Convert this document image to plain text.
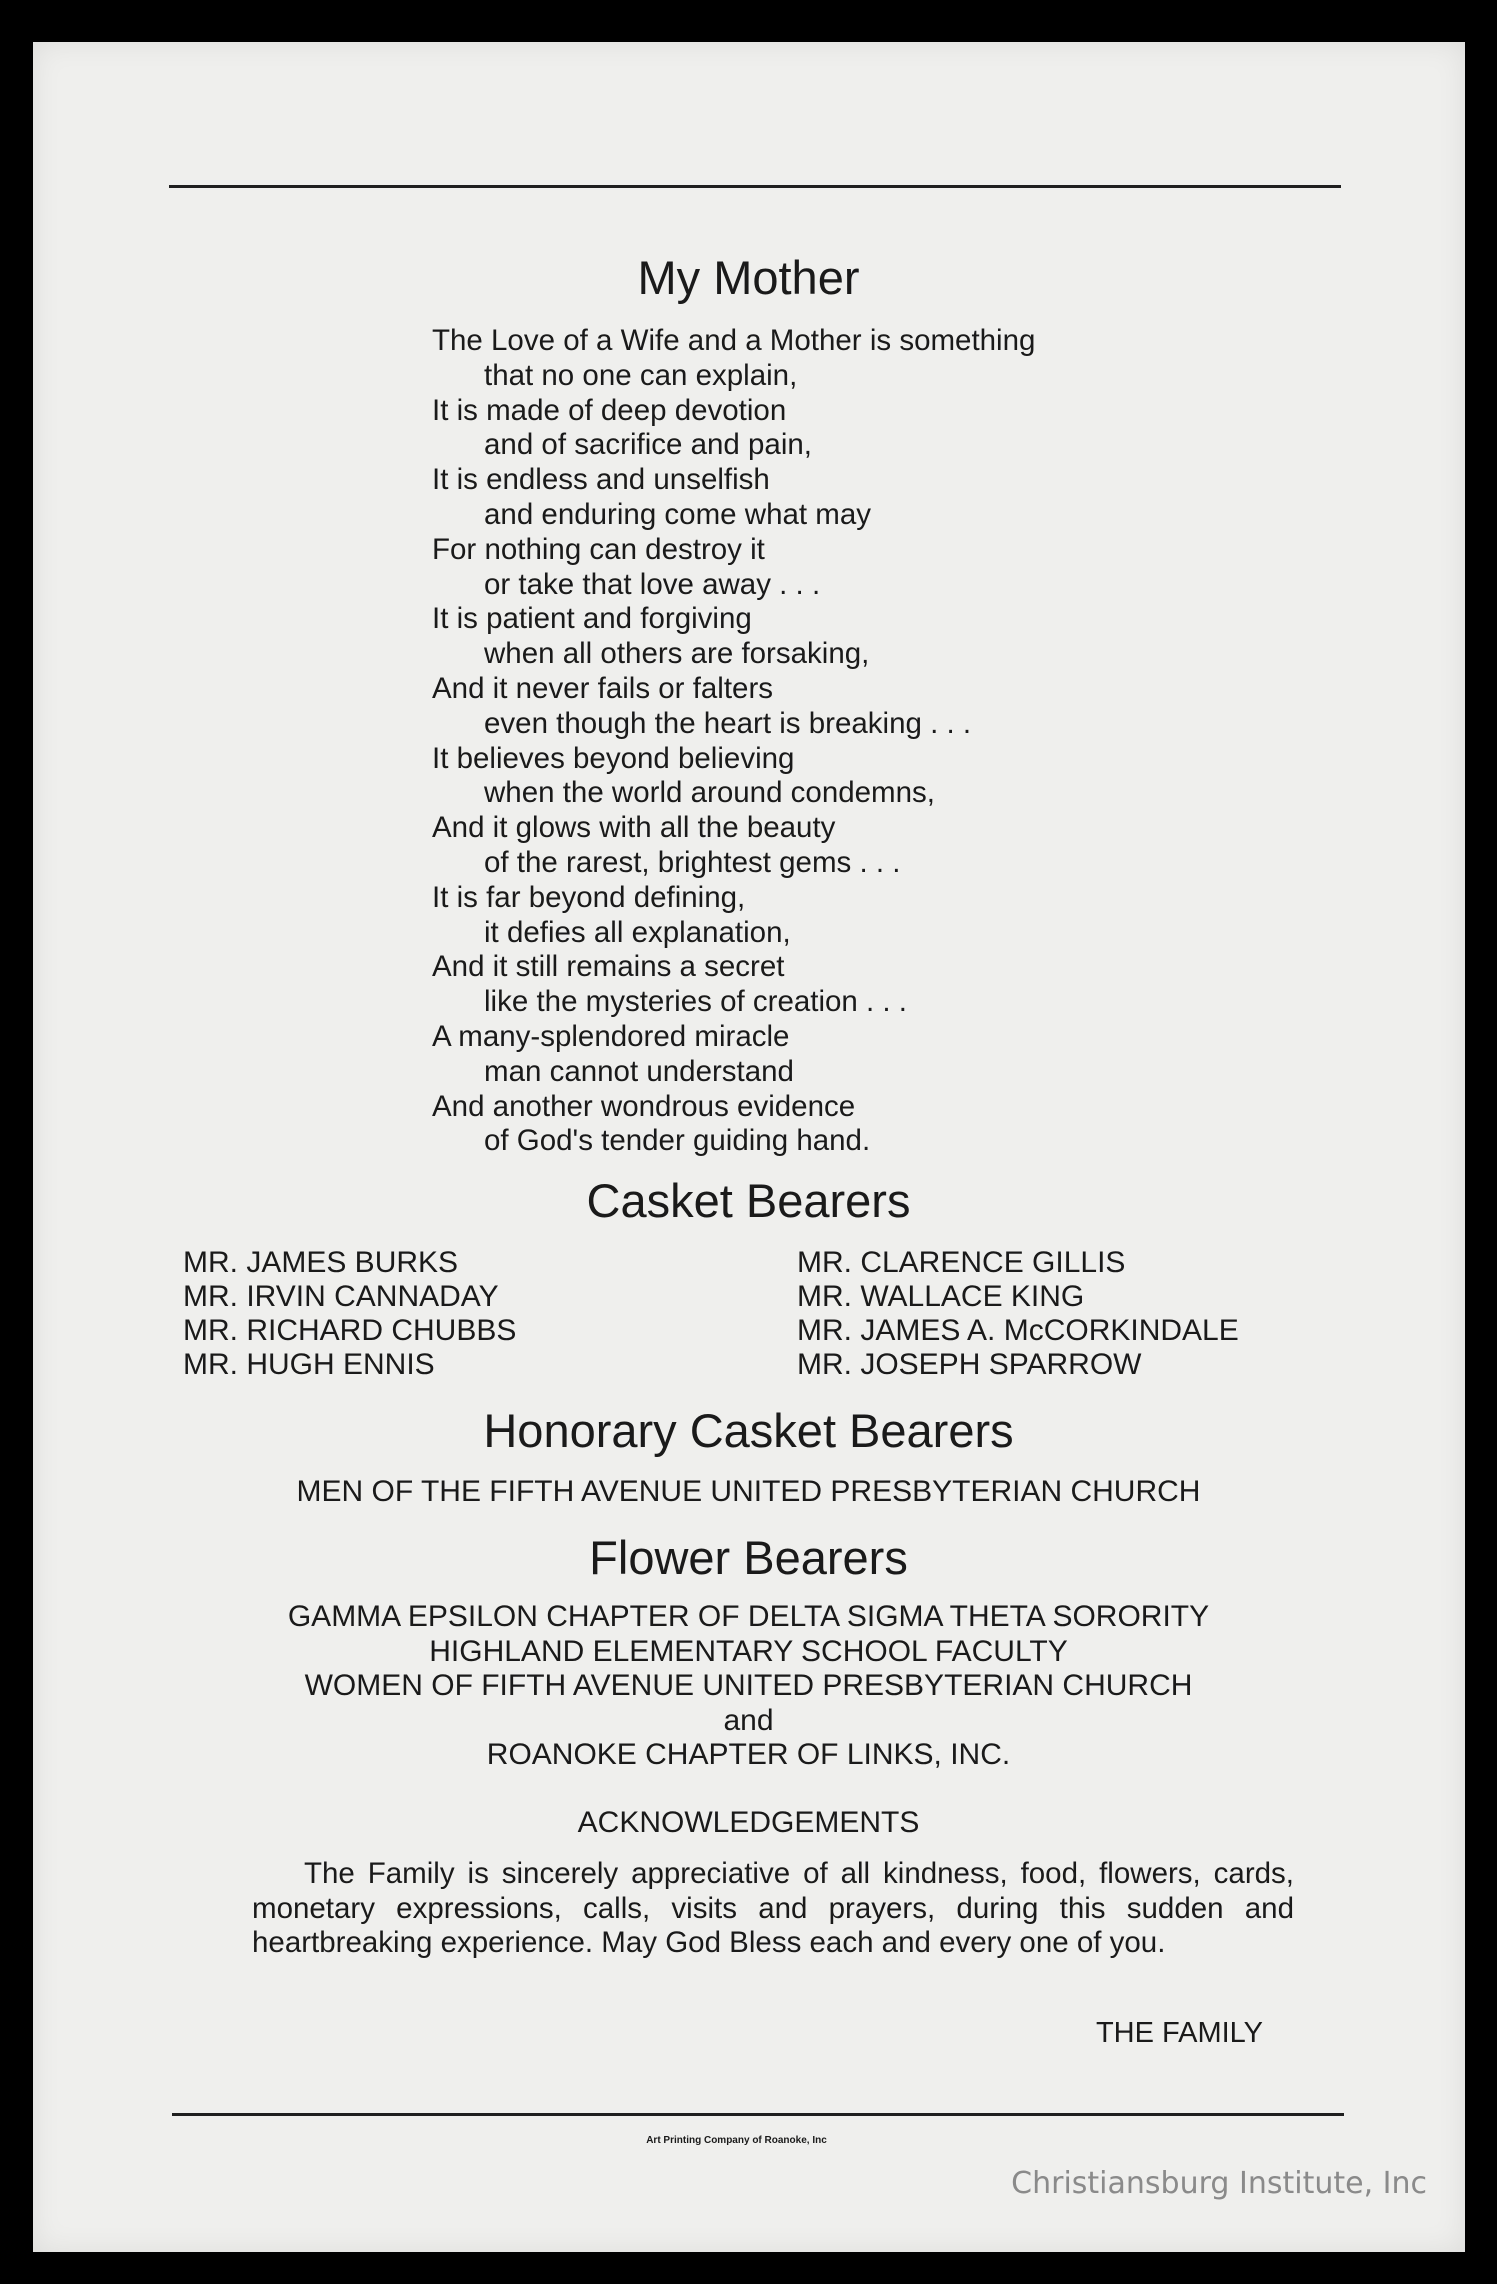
My Mother
The Love of a Wife and a Mother is something
that no one can explain,
It is made of deep devotion
and of sacrifice and pain,
It is endless and unselfish
and enduring come what may
For nothing can destroy it
or take that love away . . .
It is patient and forgiving
when all others are forsaking,
And it never fails or falters
even though the heart is breaking . . .
It believes beyond believing
when the world around condemns,
And it glows with all the beauty
of the rarest, brightest gems . . .
It is far beyond defining,
it defies all explanation,
And it still remains a secret
like the mysteries of creation . . .
A many-splendored miracle
man cannot understand
And another wondrous evidence
of God's tender guiding hand.
Casket Bearers
MR. JAMES BURKS
MR. IRVIN CANNADAY
MR. RICHARD CHUBBS
MR. HUGH ENNIS
MR. CLARENCE GILLIS
MR. WALLACE KING
MR. JAMES A. McCORKINDALE
MR. JOSEPH SPARROW
Honorary Casket Bearers
MEN OF THE FIFTH AVENUE UNITED PRESBYTERIAN CHURCH
Flower Bearers
GAMMA EPSILON CHAPTER OF DELTA SIGMA THETA SORORITY
HIGHLAND ELEMENTARY SCHOOL FACULTY
WOMEN OF FIFTH AVENUE UNITED PRESBYTERIAN CHURCH
and
ROANOKE CHAPTER OF LINKS, INC.
ACKNOWLEDGEMENTS
The Family is sincerely appreciative of all kindness, food, flowers, cards, monetary expressions, calls, visits and prayers, during this sudden and heartbreaking experience. May God Bless each and every one of you.
THE FAMILY
Art Printing Company of Roanoke, Inc
Christiansburg Institute, Inc
